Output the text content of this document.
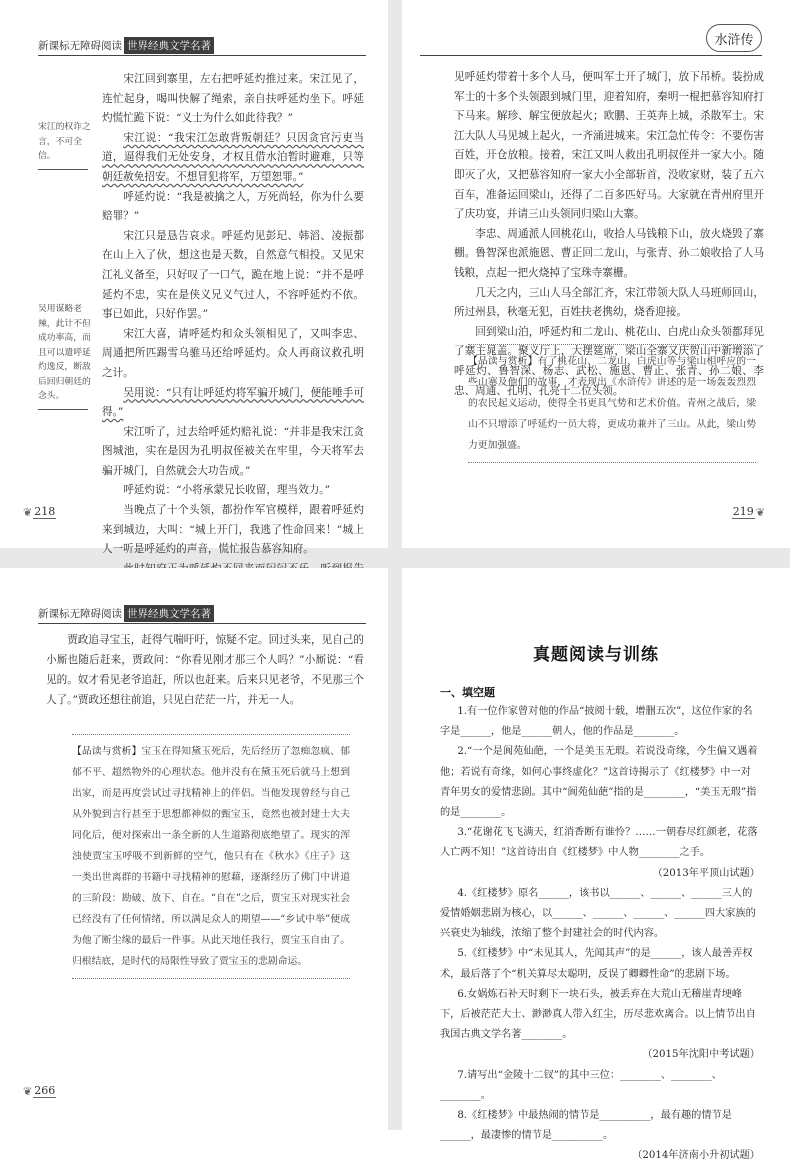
新课标无障碍阅读 世界经典文学名著
宋江的权诈之言，不可全信。
吴用谋略老辣，此计不但成功率高，而且可以遣呼延灼逸反，断敌后回归朝廷的念头。

宋江回到寨里，左右把呼延灼推过来。宋江见了，连忙起身，喝叫快解了绳索，亲自扶呼延灼坐下。呼延灼慌忙跪下说：“义士为什么如此待我？”

宋江说：“我宋江怎敢背叛朝廷？只因贪官污吏当道，逼得我们无处安身，才权且借水泊暂时避难，只等朝廷赦免招安。不想冒犯将军，万望恕罪。”

呼延灼说：“我是被擒之人，万死尚轻，你为什么要赔罪？”

宋江只是恳告哀求。呼延灼见彭玘、韩滔、凌振都在山上入了伙，想这也是天数，自然意气相投。又见宋江礼义备至，只好叹了一口气，跪在地上说：“并不是呼延灼不忠，实在是侠义兄义气过人，不容呼延灼不依。事已如此，只好作罢。”

宋江大喜，请呼延灼和众头领相见了，又叫李忠、周通把所匹踢雪乌骓马还给呼延灼。众人再商议救孔明之计。

吴用说：“只有让呼延灼将军骗开城门，便能唾手可得。”

宋江听了，过去给呼延灼赔礼说：“并非是我宋江贪图城池，实在是因为孔明叔侄被关在牢里，今天将军去骗开城门，自然就会大功告成。”

呼延灼说：“小将承蒙兄长收留，理当效力。”

当晚点了十个头领，都扮作军官模样，跟着呼延灼来到城边，大叫：“城上开门，我逃了性命回来！”城上人一听是呼延灼的声音，慌忙报告慕容知府。

❦ 218
水浒传

见呼延灼带着十多个人马，便叫军士开了城门，放下吊桥。装扮成军士的十多个头领跟到城门里，迎着知府，秦明一棍把慕容知府打下马来。解珍、解宝便放起火；欧鹏、王英奔上城，杀散军士。宋江大队人马见城上起火，一齐涌进城来。宋江急忙传令：不要伤害百姓，开仓放粮。接着，宋江又叫人救出孔明叔侄并一家大小。随即灭了火，又把慕容知府一家大小全部斩首，没收家财，装了五六百车，准备运回梁山，还得了二百多匹好马。大家就在青州府里开了庆功宴，并请三山头领同归梁山大寨。

李忠、周通派人回桃花山，收拾人马钱粮下山，放火烧毁了寨棚。鲁智深也派施恩、曹正回二龙山，与张青、孙二娘收拾了人马钱粮，点起一把火烧掉了宝珠寺寨栅。

几天之内，三山人马全部汇齐，宋江带领大队人马班师回山，所过州县，秋毫无犯，百姓扶老携幼，烧香迎接。

回到梁山泊，呼延灼和二龙山、桃花山、白虎山众头领都拜见了寨主晁盖。聚义厅上，大摆筵席，梁山全寨又庆贺山中新增添了呼延灼、鲁智深、杨志、武松、施恩、曹正、张青、孙二娘、李忠、周通、孔明、孔亮十二位头领。

【品读与赏析】有了桃花山、二龙山、白虎山等与梁山相呼应的一些山寨及他们的故事，才表现出《水浒传》讲述的是一场轰轰烈烈的农民起义运动，使得全书更具气势和艺术价值。青州之战后，梁山不只增添了呼延灼一员大将，更成功兼并了三山。从此，梁山势力更加强盛。
219 ❦
新课标无障碍阅读 世界经典文学名著

贾政追寻宝玉，赶得气喘吁吁，惊疑不定。回过头来，见自己的小厮也随后赶来，贾政问：“你看见刚才那三个人吗？”小厮说：“看见的。奴才看见老爷追赶，所以也赶来。后来只见老爷，不见那三个人了。”贾政还想往前追，只见白茫茫一片，并无一人。

【品读与赏析】宝玉在得知黛玉死后，先后经历了忽痴忽疯、郁郁不平、超然物外的心理状态。他并没有在黛玉死后就马上想到出家，而是再度尝试过寻找精神上的伴侣。当他发现曾经与自己从外貌到言行甚至于思想都神似的甄宝玉，竟然也被封建士大夫同化后，便对探索出一条全新的人生道路彻底绝望了。现实的浑浊使贾宝玉呼吸不到新鲜的空气，他只有在《秋水》《庄子》这一类出世离群的书籍中寻找精神的慰藉，逐渐经历了佛门中讲道的三阶段：勘破、放下、自在。“自在”之后，贾宝玉对现实社会已经没有了任何情绪，所以满足众人的期望——“乡试中举”便成为他了断尘缘的最后一件事。从此天地任我行，贾宝玉自由了。归根结底，是时代的局限性导致了贾宝玉的悲剧命运。
❦ 266
真题阅读与训练
一、填空题

1.有一位作家曾对他的作品“披阅十载，增删五次”，这位作家的名字是______，他是______朝人，他的作品是________。

2.“一个是阆苑仙葩，一个是美玉无瑕。若说没奇缘，今生偏又遇着他；若说有奇缘，如何心事终虚化？”这首诗揭示了《红楼梦》中一对青年男女的爱情悲剧。其中“阆苑仙葩”指的是________，“美玉无瑕”指的是________。

3.“花谢花飞飞满天，红消香断有谁怜？……一朝春尽红颜老，花落人亡两不知！”这首诗出自《红楼梦》中人物________之手。

（2013年平顶山试题）

4.《红楼梦》原名______，该书以______、______、______三人的爱情婚姻悲剧为核心，以______、______、______、______四大家族的兴衰史为轴线，浓缩了整个封建社会的时代内容。

5.《红楼梦》中“未见其人，先闻其声”的是______，该人最善弄权术，最后落了个“机关算尽太聪明，反误了卿卿性命”的悲剧下场。

6.女娲炼石补天时剩下一块石头，被丢弃在大荒山无稽崖青埂峰下，后被茫茫大士、渺渺真人带入红尘，历尽悲欢离合。以上情节出自我国古典文学名著________。

（2015年沈阳中考试题）

7.请写出“金陵十二钗”的其中三位：________、________、________。

8.《红楼梦》中最热闹的情节是__________，最有趣的情节是______，最凄惨的情节是__________。

（2014年济南小升初试题）
